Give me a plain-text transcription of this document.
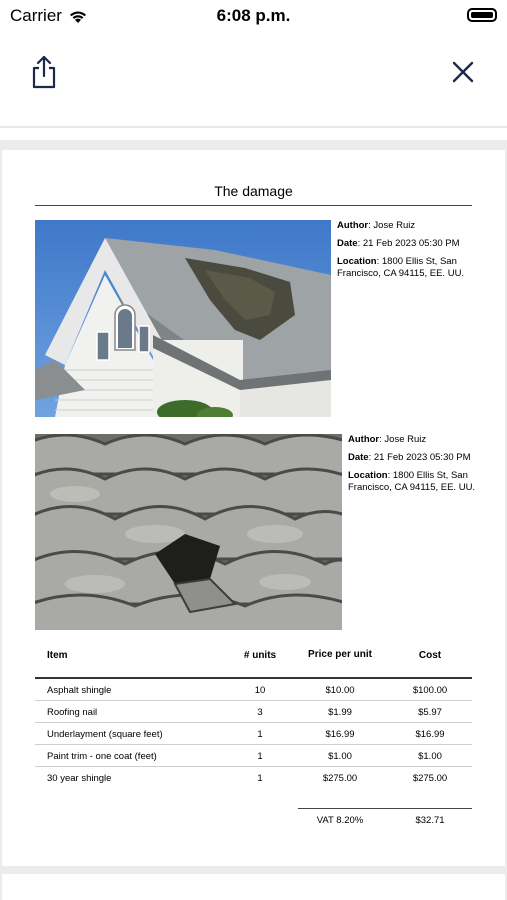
Carrier	6:08 p.m.
The damage

Author: Jose Ruiz

Date: 21 Feb 2023 05:30 PM

Location: 1800 Ellis St, San Francisco, CA 94115, EE. UU.

Author: Jose Ruiz

Date: 21 Feb 2023 05:30 PM

Location: 1800 Ellis St, San Francisco, CA 94115, EE. UU.

Item	# units	Price per unit	Cost
Asphalt shingle	10	$10.00	$100.00
Roofing nail	3	$1.99	$5.97
Underlayment (square feet)	1	$16.99	$16.99
Paint trim - one coat (feet)	1	$1.00	$1.00
30 year shingle	1	$275.00	$275.00
VAT 8.20%	$32.71
